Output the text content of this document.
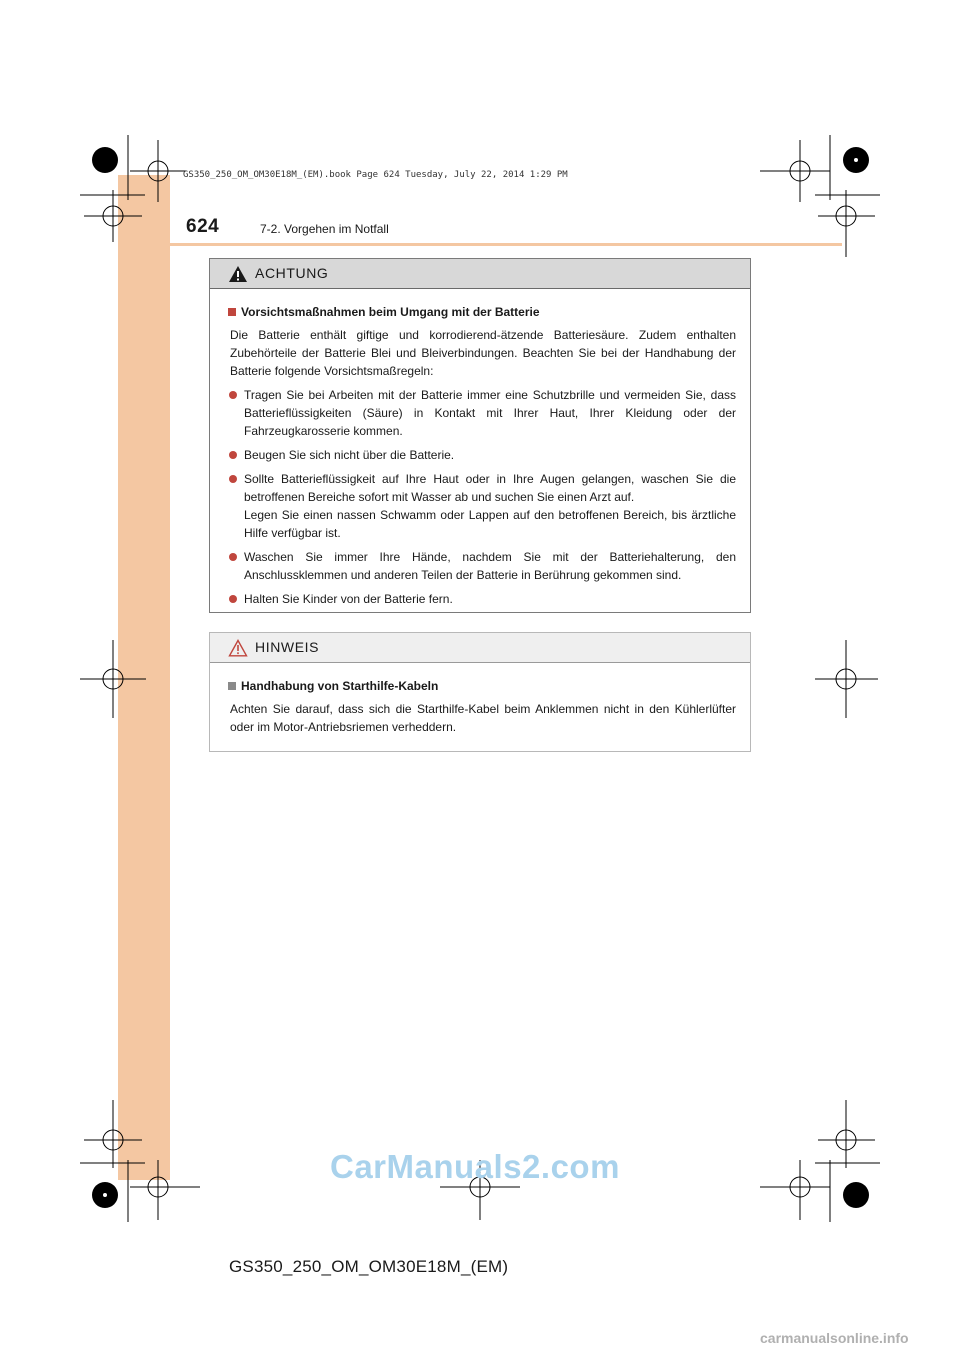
GS350_250_OM_OM30E18M_(EM).book Page 624 Tuesday, July 22, 2014 1:29 PM
624	7-2. Vorgehen im Notfall
ACHTUNG
Vorsichtsmaßnahmen beim Umgang mit der Batterie
Die Batterie enthält giftige und korrodierend-ätzende Batteriesäure. Zudem enthalten Zubehörteile der Batterie Blei und Bleiverbindungen. Beachten Sie bei der Handhabung der Batterie folgende Vorsichtsmaßregeln:
Tragen Sie bei Arbeiten mit der Batterie immer eine Schutzbrille und vermeiden Sie, dass Batterieflüssigkeiten (Säure) in Kontakt mit Ihrer Haut, Ihrer Kleidung oder der Fahrzeugkarosserie kommen.
Beugen Sie sich nicht über die Batterie.
Sollte Batterieflüssigkeit auf Ihre Haut oder in Ihre Augen gelangen, waschen Sie die betroffenen Bereiche sofort mit Wasser ab und suchen Sie einen Arzt auf.
Legen Sie einen nassen Schwamm oder Lappen auf den betroffenen Bereich, bis ärztliche Hilfe verfügbar ist.
Waschen Sie immer Ihre Hände, nachdem Sie mit der Batteriehalterung, den Anschlussklemmen und anderen Teilen der Batterie in Berührung gekommen sind.
Halten Sie Kinder von der Batterie fern.
HINWEIS
Handhabung von Starthilfe-Kabeln
Achten Sie darauf, dass sich die Starthilfe-Kabel beim Anklemmen nicht in den Kühlerlüfter oder im Motor-Antriebsriemen verheddern.
CarManuals2.com
GS350_250_OM_OM30E18M_(EM)
carmanualsonline.info
